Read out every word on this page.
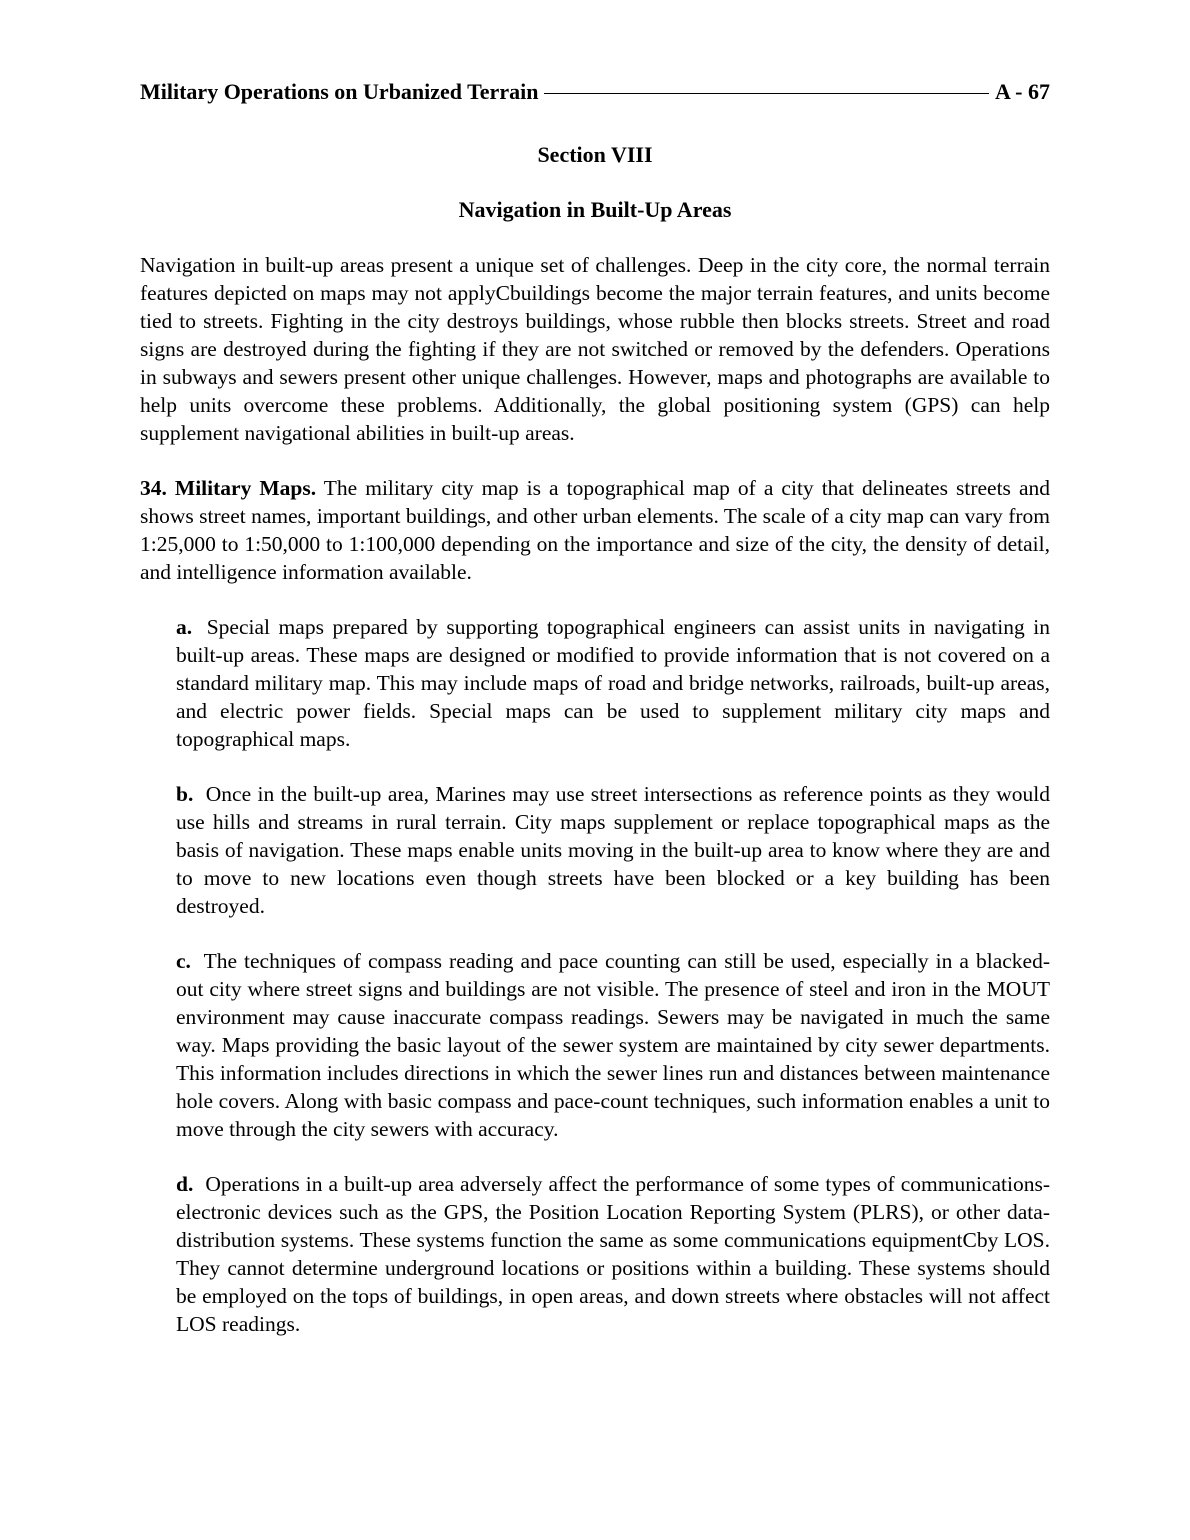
Military Operations on Urbanized Terrain	A - 67
Section VIII
Navigation in Built-Up Areas

Navigation in built-up areas present a unique set of challenges. Deep in the city core, the normal terrain features depicted on maps may not applyCbuildings become the major terrain features, and units become tied to streets. Fighting in the city destroys buildings, whose rubble then blocks streets. Street and road signs are destroyed during the fighting if they are not switched or removed by the defenders. Operations in subways and sewers present other unique challenges. However, maps and photographs are available to help units overcome these problems. Additionally, the global positioning system (GPS) can help supplement navigational abilities in built-up areas.

34. Military Maps. The military city map is a topographical map of a city that delineates streets and shows street names, important buildings, and other urban elements. The scale of a city map can vary from 1:25,000 to 1:50,000 to 1:100,000 depending on the importance and size of the city, the density of detail, and intelligence information available.

a. Special maps prepared by supporting topographical engineers can assist units in navigating in built-up areas. These maps are designed or modified to provide information that is not covered on a standard military map. This may include maps of road and bridge networks, railroads, built-up areas, and electric power fields. Special maps can be used to supplement military city maps and topographical maps.

b. Once in the built-up area, Marines may use street intersections as reference points as they would use hills and streams in rural terrain. City maps supplement or replace topographical maps as the basis of navigation. These maps enable units moving in the built-up area to know where they are and to move to new locations even though streets have been blocked or a key building has been destroyed.

c. The techniques of compass reading and pace counting can still be used, especially in a blacked-out city where street signs and buildings are not visible. The presence of steel and iron in the MOUT environment may cause inaccurate compass readings. Sewers may be navigated in much the same way. Maps providing the basic layout of the sewer system are maintained by city sewer departments. This information includes directions in which the sewer lines run and distances between maintenance hole covers. Along with basic compass and pace-count techniques, such information enables a unit to move through the city sewers with accuracy.

d. Operations in a built-up area adversely affect the performance of some types of communications-electronic devices such as the GPS, the Position Location Reporting System (PLRS), or other data-distribution systems. These systems function the same as some communications equipmentCby LOS. They cannot determine underground locations or positions within a building. These systems should be employed on the tops of buildings, in open areas, and down streets where obstacles will not affect LOS readings.
